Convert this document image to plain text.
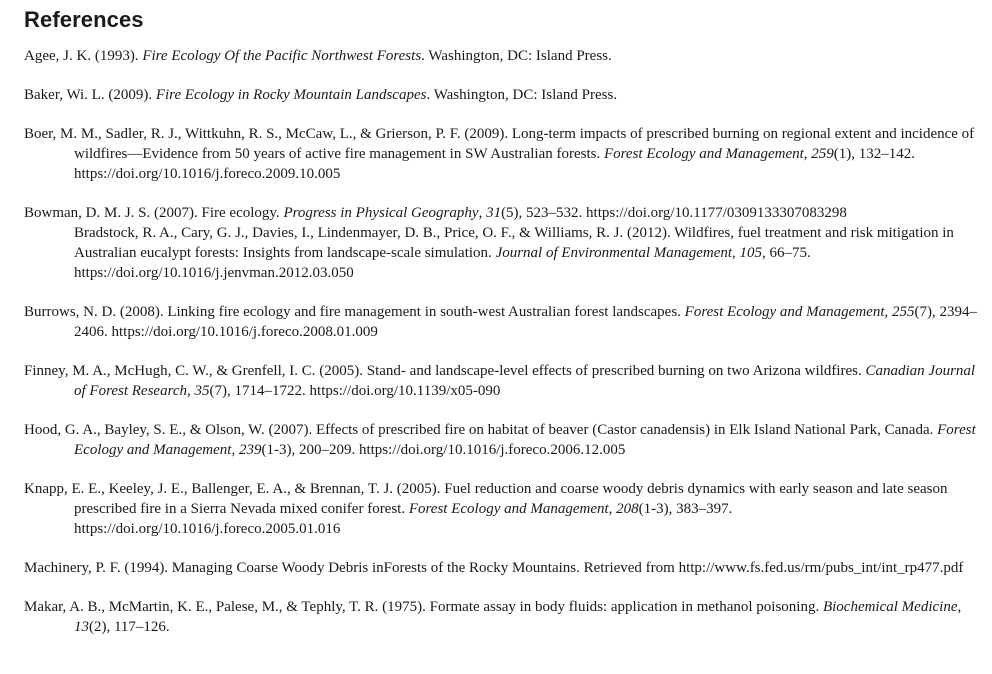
References

Agee, J. K. (1993). Fire Ecology Of the Pacific Northwest Forests. Washington, DC: Island Press.

Baker, Wi. L. (2009). Fire Ecology in Rocky Mountain Landscapes. Washington, DC: Island Press.

Boer, M. M., Sadler, R. J., Wittkuhn, R. S., McCaw, L., & Grierson, P. F. (2009). Long-term impacts of prescribed burning on regional extent and incidence of wildfires—Evidence from 50 years of active fire management in SW Australian forests. Forest Ecology and Management, 259(1), 132–142. https://doi.org/10.1016/j.foreco.2009.10.005

Bowman, D. M. J. S. (2007). Fire ecology. Progress in Physical Geography, 31(5), 523–532. https://doi.org/10.1177/0309133307083298

Bradstock, R. A., Cary, G. J., Davies, I., Lindenmayer, D. B., Price, O. F., & Williams, R. J. (2012). Wildfires, fuel treatment and risk mitigation in Australian eucalypt forests: Insights from landscape-scale simulation. Journal of Environmental Management, 105, 66–75. https://doi.org/10.1016/j.jenvman.2012.03.050

Burrows, N. D. (2008). Linking fire ecology and fire management in south-west Australian forest landscapes. Forest Ecology and Management, 255(7), 2394–2406. https://doi.org/10.1016/j.foreco.2008.01.009

Finney, M. A., McHugh, C. W., & Grenfell, I. C. (2005). Stand- and landscape-level effects of prescribed burning on two Arizona wildfires. Canadian Journal of Forest Research, 35(7), 1714–1722. https://doi.org/10.1139/x05-090

Hood, G. A., Bayley, S. E., & Olson, W. (2007). Effects of prescribed fire on habitat of beaver (Castor canadensis) in Elk Island National Park, Canada. Forest Ecology and Management, 239(1-3), 200–209. https://doi.org/10.1016/j.foreco.2006.12.005

Knapp, E. E., Keeley, J. E., Ballenger, E. A., & Brennan, T. J. (2005). Fuel reduction and coarse woody debris dynamics with early season and late season prescribed fire in a Sierra Nevada mixed conifer forest. Forest Ecology and Management, 208(1-3), 383–397. https://doi.org/10.1016/j.foreco.2005.01.016

Machinery, P. F. (1994). Managing Coarse Woody Debris inForests of the Rocky Mountains. Retrieved from http://www.fs.fed.us/rm/pubs_int/int_rp477.pdf

Makar, A. B., McMartin, K. E., Palese, M., & Tephly, T. R. (1975). Formate assay in body fluids: application in methanol poisoning. Biochemical Medicine, 13(2), 117–126.
